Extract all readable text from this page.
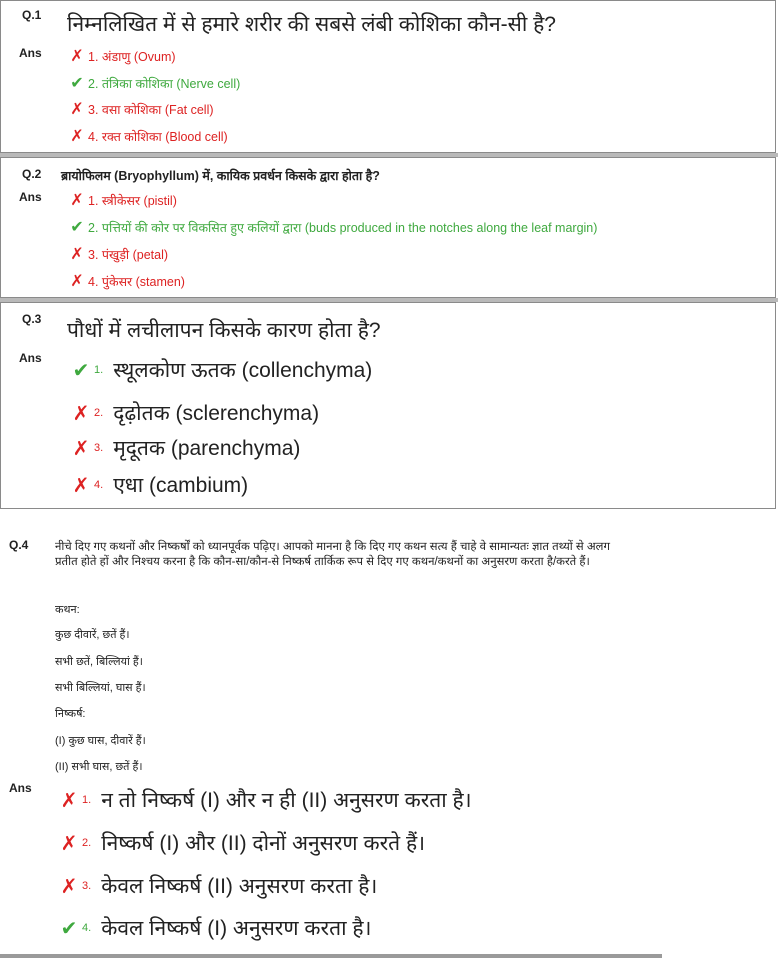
Q.1 निम्नलिखित में से हमारे शरीर की सबसे लंबी कोशिका कौन-सी है?
Ans ✗ 1. अंडाणु (Ovum)
✔ 2. तंत्रिका कोशिका (Nerve cell)
✗ 3. वसा कोशिका (Fat cell)
✗ 4. रक्त कोशिका (Blood cell)
Q.2 ब्रायोफिलम (Bryophyllum) में, कायिक प्रवर्धन किसके द्वारा होता है?
Ans ✗ 1. स्त्रीकेसर (pistil)
✔ 2. पत्तियों की कोर पर विकसित हुए कलियों द्वारा (buds produced in the notches along the leaf margin)
✗ 3. पंखुड़ी (petal)
✗ 4. पुंकेसर (stamen)
Q.3 पौधों में लचीलापन किसके कारण होता है?
Ans
✔ 1. स्थूलकोण ऊतक (collenchyma)
✗ 2. दृढ़ोतक (sclerenchyma)
✗ 3. मृदूतक (parenchyma)
✗ 4. एधा (cambium)
Q.4 नीचे दिए गए कथनों और निष्कर्षों को ध्यानपूर्वक पढ़िए। आपको मानना है कि दिए गए कथन सत्य हैं चाहे वे सामान्यतः ज्ञात तथ्यों से अलग प्रतीत होते हों और निश्चय करना है कि कौन-सा/कौन-से निष्कर्ष तार्किक रूप से दिए गए कथन/कथनों का अनुसरण करता है/करते हैं।
कथन:
कुछ दीवारें, छतें हैं।
सभी छतें, बिल्लियां हैं।
सभी बिल्लियां, घास हैं।
निष्कर्ष:
(I) कुछ घास, दीवारें हैं।
(II) सभी घास, छतें हैं।
Ans
✗ 1. न तो निष्कर्ष (I) और न ही (II) अनुसरण करता है।
✗ 2. निष्कर्ष (I) और (II) दोनों अनुसरण करते हैं।
✗ 3. केवल निष्कर्ष (II) अनुसरण करता है।
✔ 4. केवल निष्कर्ष (I) अनुसरण करता है।
